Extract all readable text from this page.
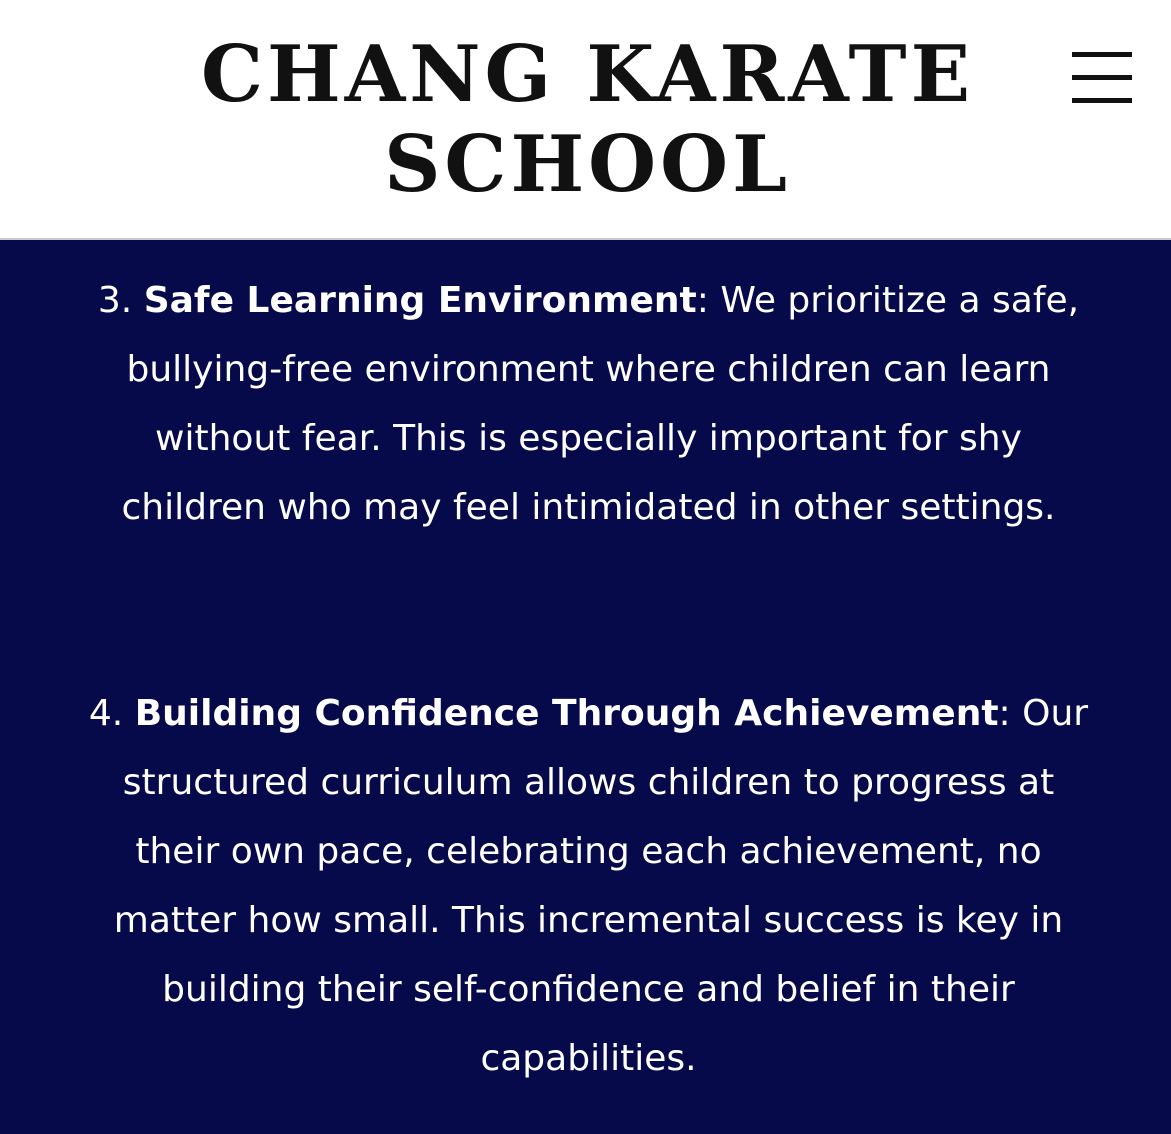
CHANG KARATE
SCHOOL

3. Safe Learning Environment: We prioritize a safe, bullying-free environment where children can learn without fear. This is especially important for shy children who may feel intimidated in other settings.

4. Building Confidence Through Achievement: Our structured curriculum allows children to progress at their own pace, celebrating each achievement, no matter how small. This incremental success is key in building their self-confidence and belief in their capabilities.
